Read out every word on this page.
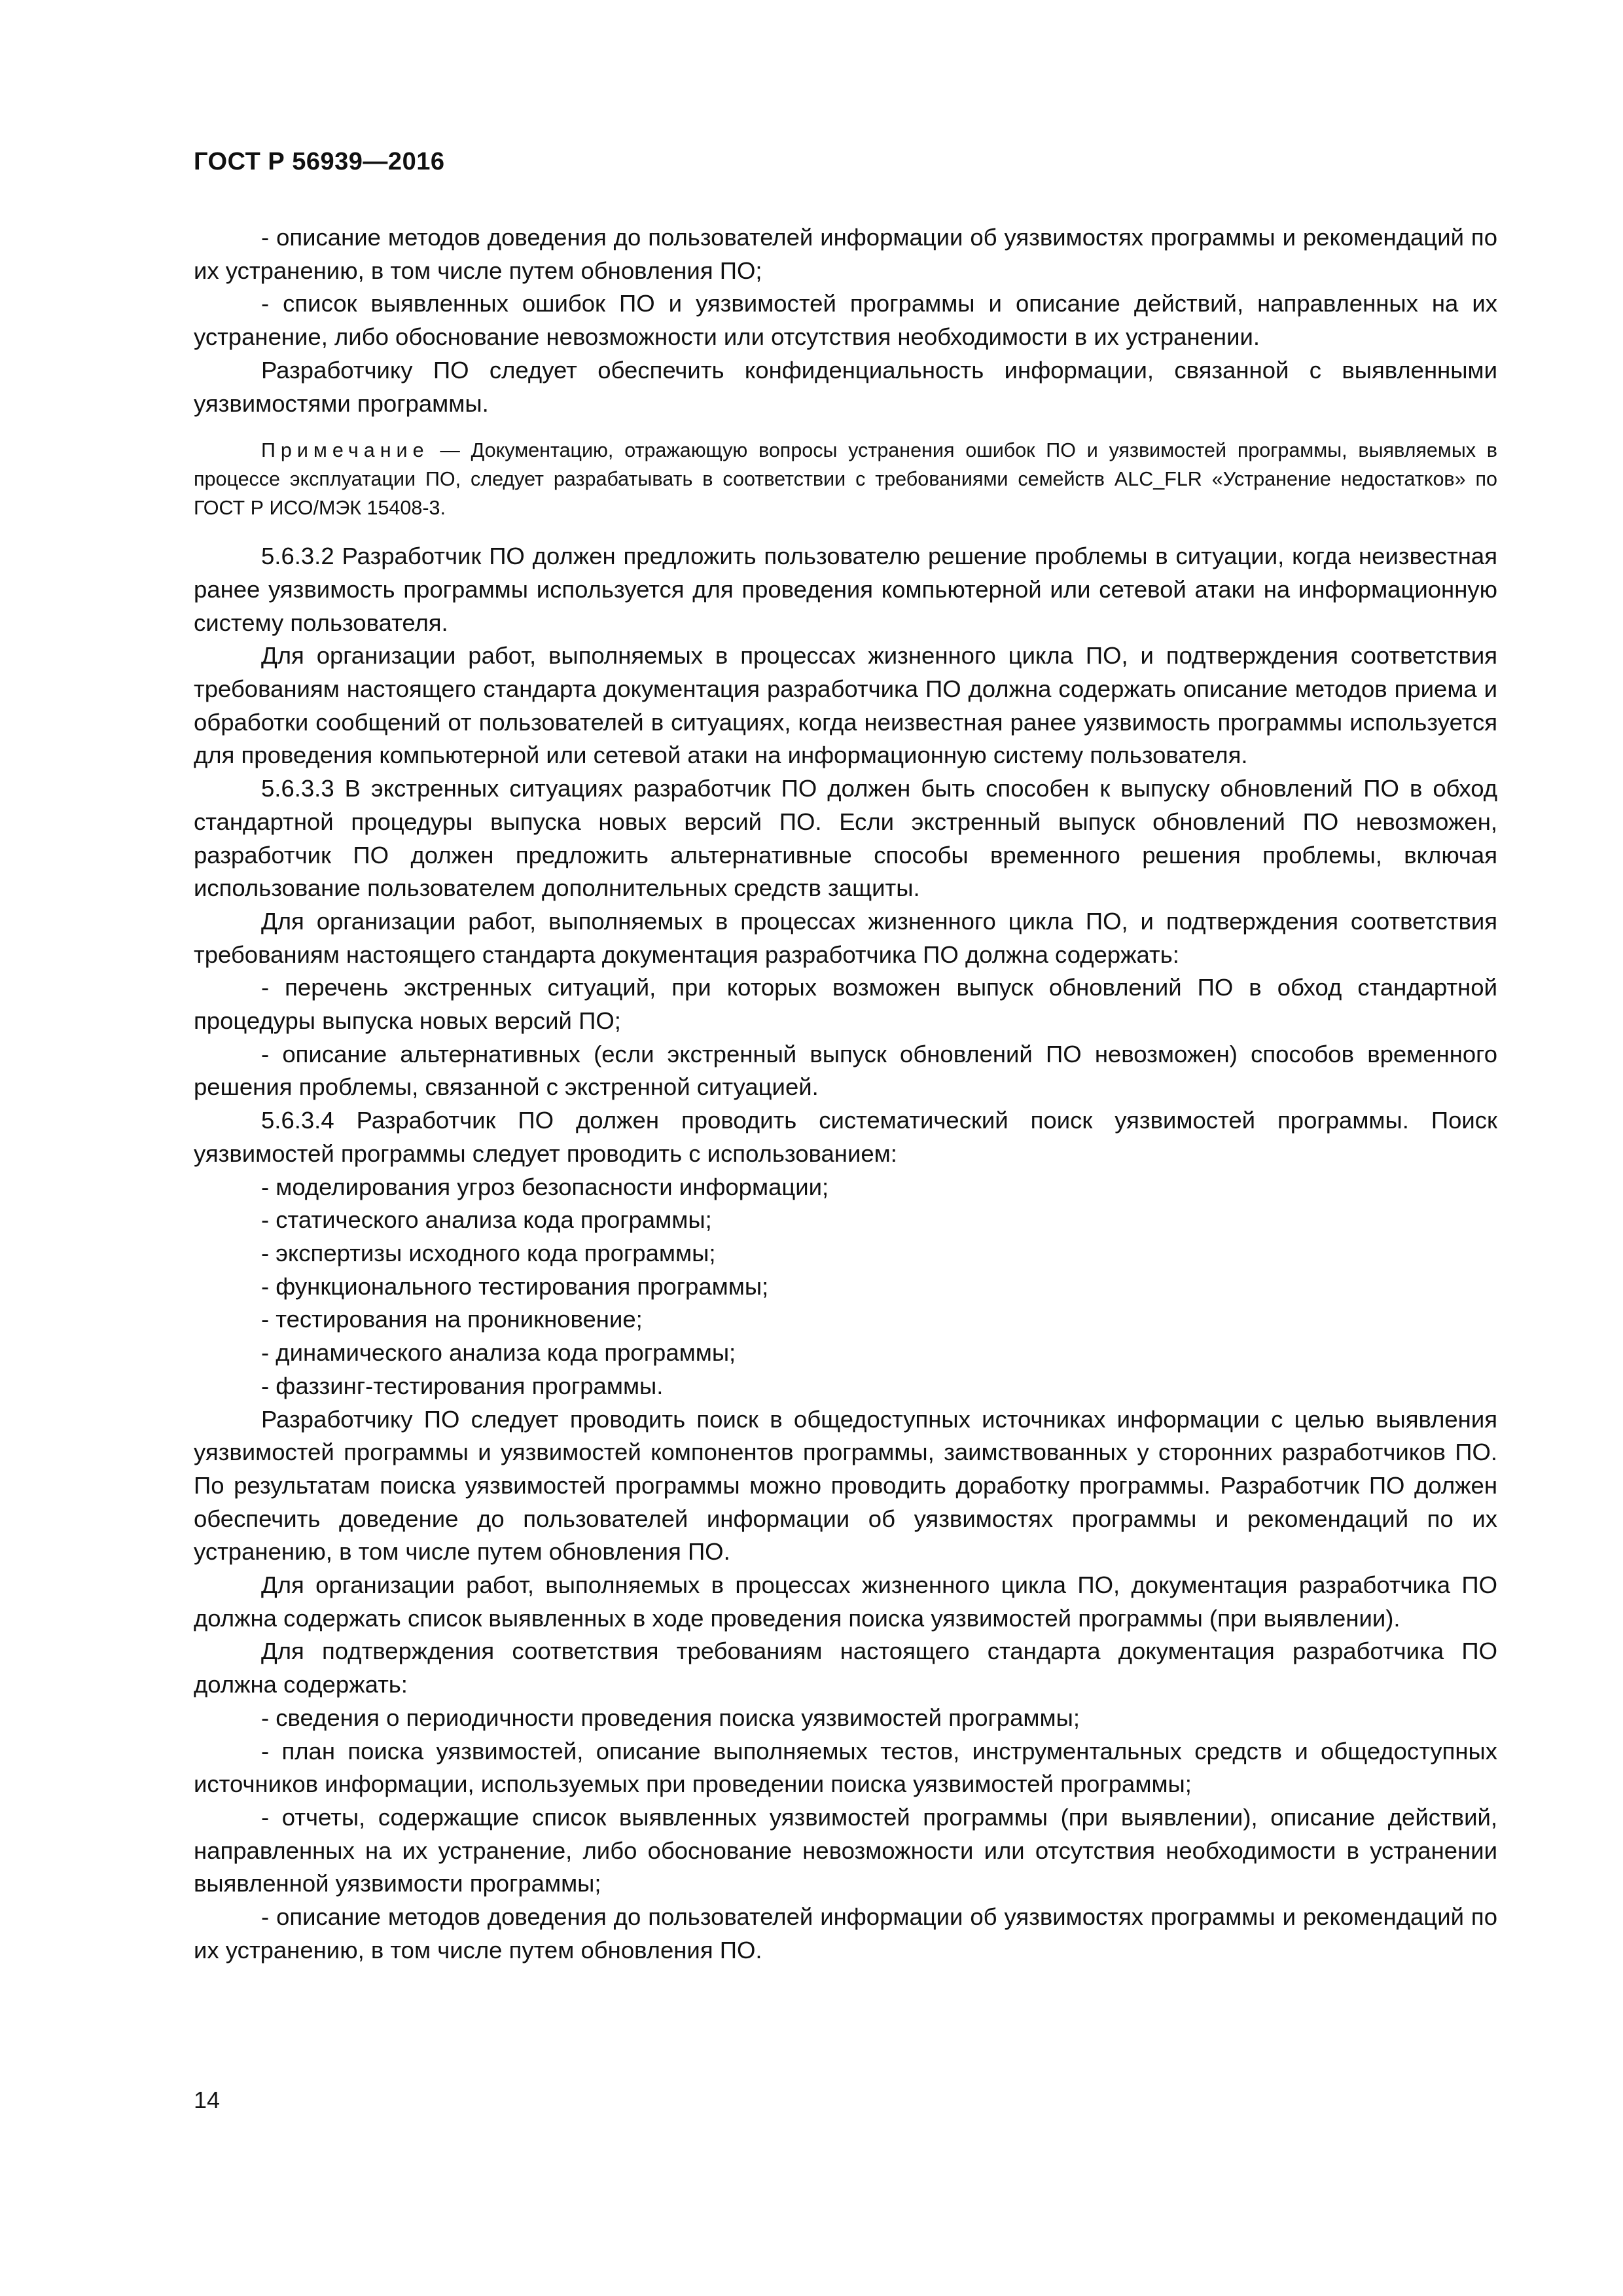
ГОСТ Р 56939—2016

- описание методов доведения до пользователей информации об уязвимостях программы и рекомендаций по их устранению, в том числе путем обновления ПО;

- список выявленных ошибок ПО и уязвимостей программы и описание действий, направленных на их устранение, либо обоснование невозможности или отсутствия необходимости в их устранении.

Разработчику ПО следует обеспечить конфиденциальность информации, связанной с выявленными уязвимостями программы.

Примечание — Документацию, отражающую вопросы устранения ошибок ПО и уязвимостей программы, выявляемых в процессе эксплуатации ПО, следует разрабатывать в соответствии с требованиями семейств ALC_FLR «Устранение недостатков» по ГОСТ Р ИСО/МЭК 15408-3.

5.6.3.2 Разработчик ПО должен предложить пользователю решение проблемы в ситуации, когда неизвестная ранее уязвимость программы используется для проведения компьютерной или сетевой атаки на информационную систему пользователя.

Для организации работ, выполняемых в процессах жизненного цикла ПО, и подтверждения соответствия требованиям настоящего стандарта документация разработчика ПО должна содержать описание методов приема и обработки сообщений от пользователей в ситуациях, когда неизвестная ранее уязвимость программы используется для проведения компьютерной или сетевой атаки на информационную систему пользователя.

5.6.3.3 В экстренных ситуациях разработчик ПО должен быть способен к выпуску обновлений ПО в обход стандартной процедуры выпуска новых версий ПО. Если экстренный выпуск обновлений ПО невозможен, разработчик ПО должен предложить альтернативные способы временного решения проблемы, включая использование пользователем дополнительных средств защиты.

Для организации работ, выполняемых в процессах жизненного цикла ПО, и подтверждения соответствия требованиям настоящего стандарта документация разработчика ПО должна содержать:

- перечень экстренных ситуаций, при которых возможен выпуск обновлений ПО в обход стандартной процедуры выпуска новых версий ПО;

- описание альтернативных (если экстренный выпуск обновлений ПО невозможен) способов временного решения проблемы, связанной с экстренной ситуацией.

5.6.3.4 Разработчик ПО должен проводить систематический поиск уязвимостей программы. Поиск уязвимостей программы следует проводить с использованием:

- моделирования угроз безопасности информации;

- статического анализа кода программы;

- экспертизы исходного кода программы;

- функционального тестирования программы;

- тестирования на проникновение;

- динамического анализа кода программы;

- фаззинг-тестирования программы.

Разработчику ПО следует проводить поиск в общедоступных источниках информации с целью выявления уязвимостей программы и уязвимостей компонентов программы, заимствованных у сторонних разработчиков ПО. По результатам поиска уязвимостей программы можно проводить доработку программы. Разработчик ПО должен обеспечить доведение до пользователей информации об уязвимостях программы и рекомендаций по их устранению, в том числе путем обновления ПО.

Для организации работ, выполняемых в процессах жизненного цикла ПО, документация разработчика ПО должна содержать список выявленных в ходе проведения поиска уязвимостей программы (при выявлении).

Для подтверждения соответствия требованиям настоящего стандарта документация разработчика ПО должна содержать:

- сведения о периодичности проведения поиска уязвимостей программы;

- план поиска уязвимостей, описание выполняемых тестов, инструментальных средств и общедоступных источников информации, используемых при проведении поиска уязвимостей программы;

- отчеты, содержащие список выявленных уязвимостей программы (при выявлении), описание действий, направленных на их устранение, либо обоснование невозможности или отсутствия необходимости в устранении выявленной уязвимости программы;

- описание методов доведения до пользователей информации об уязвимостях программы и рекомендаций по их устранению, в том числе путем обновления ПО.

14
